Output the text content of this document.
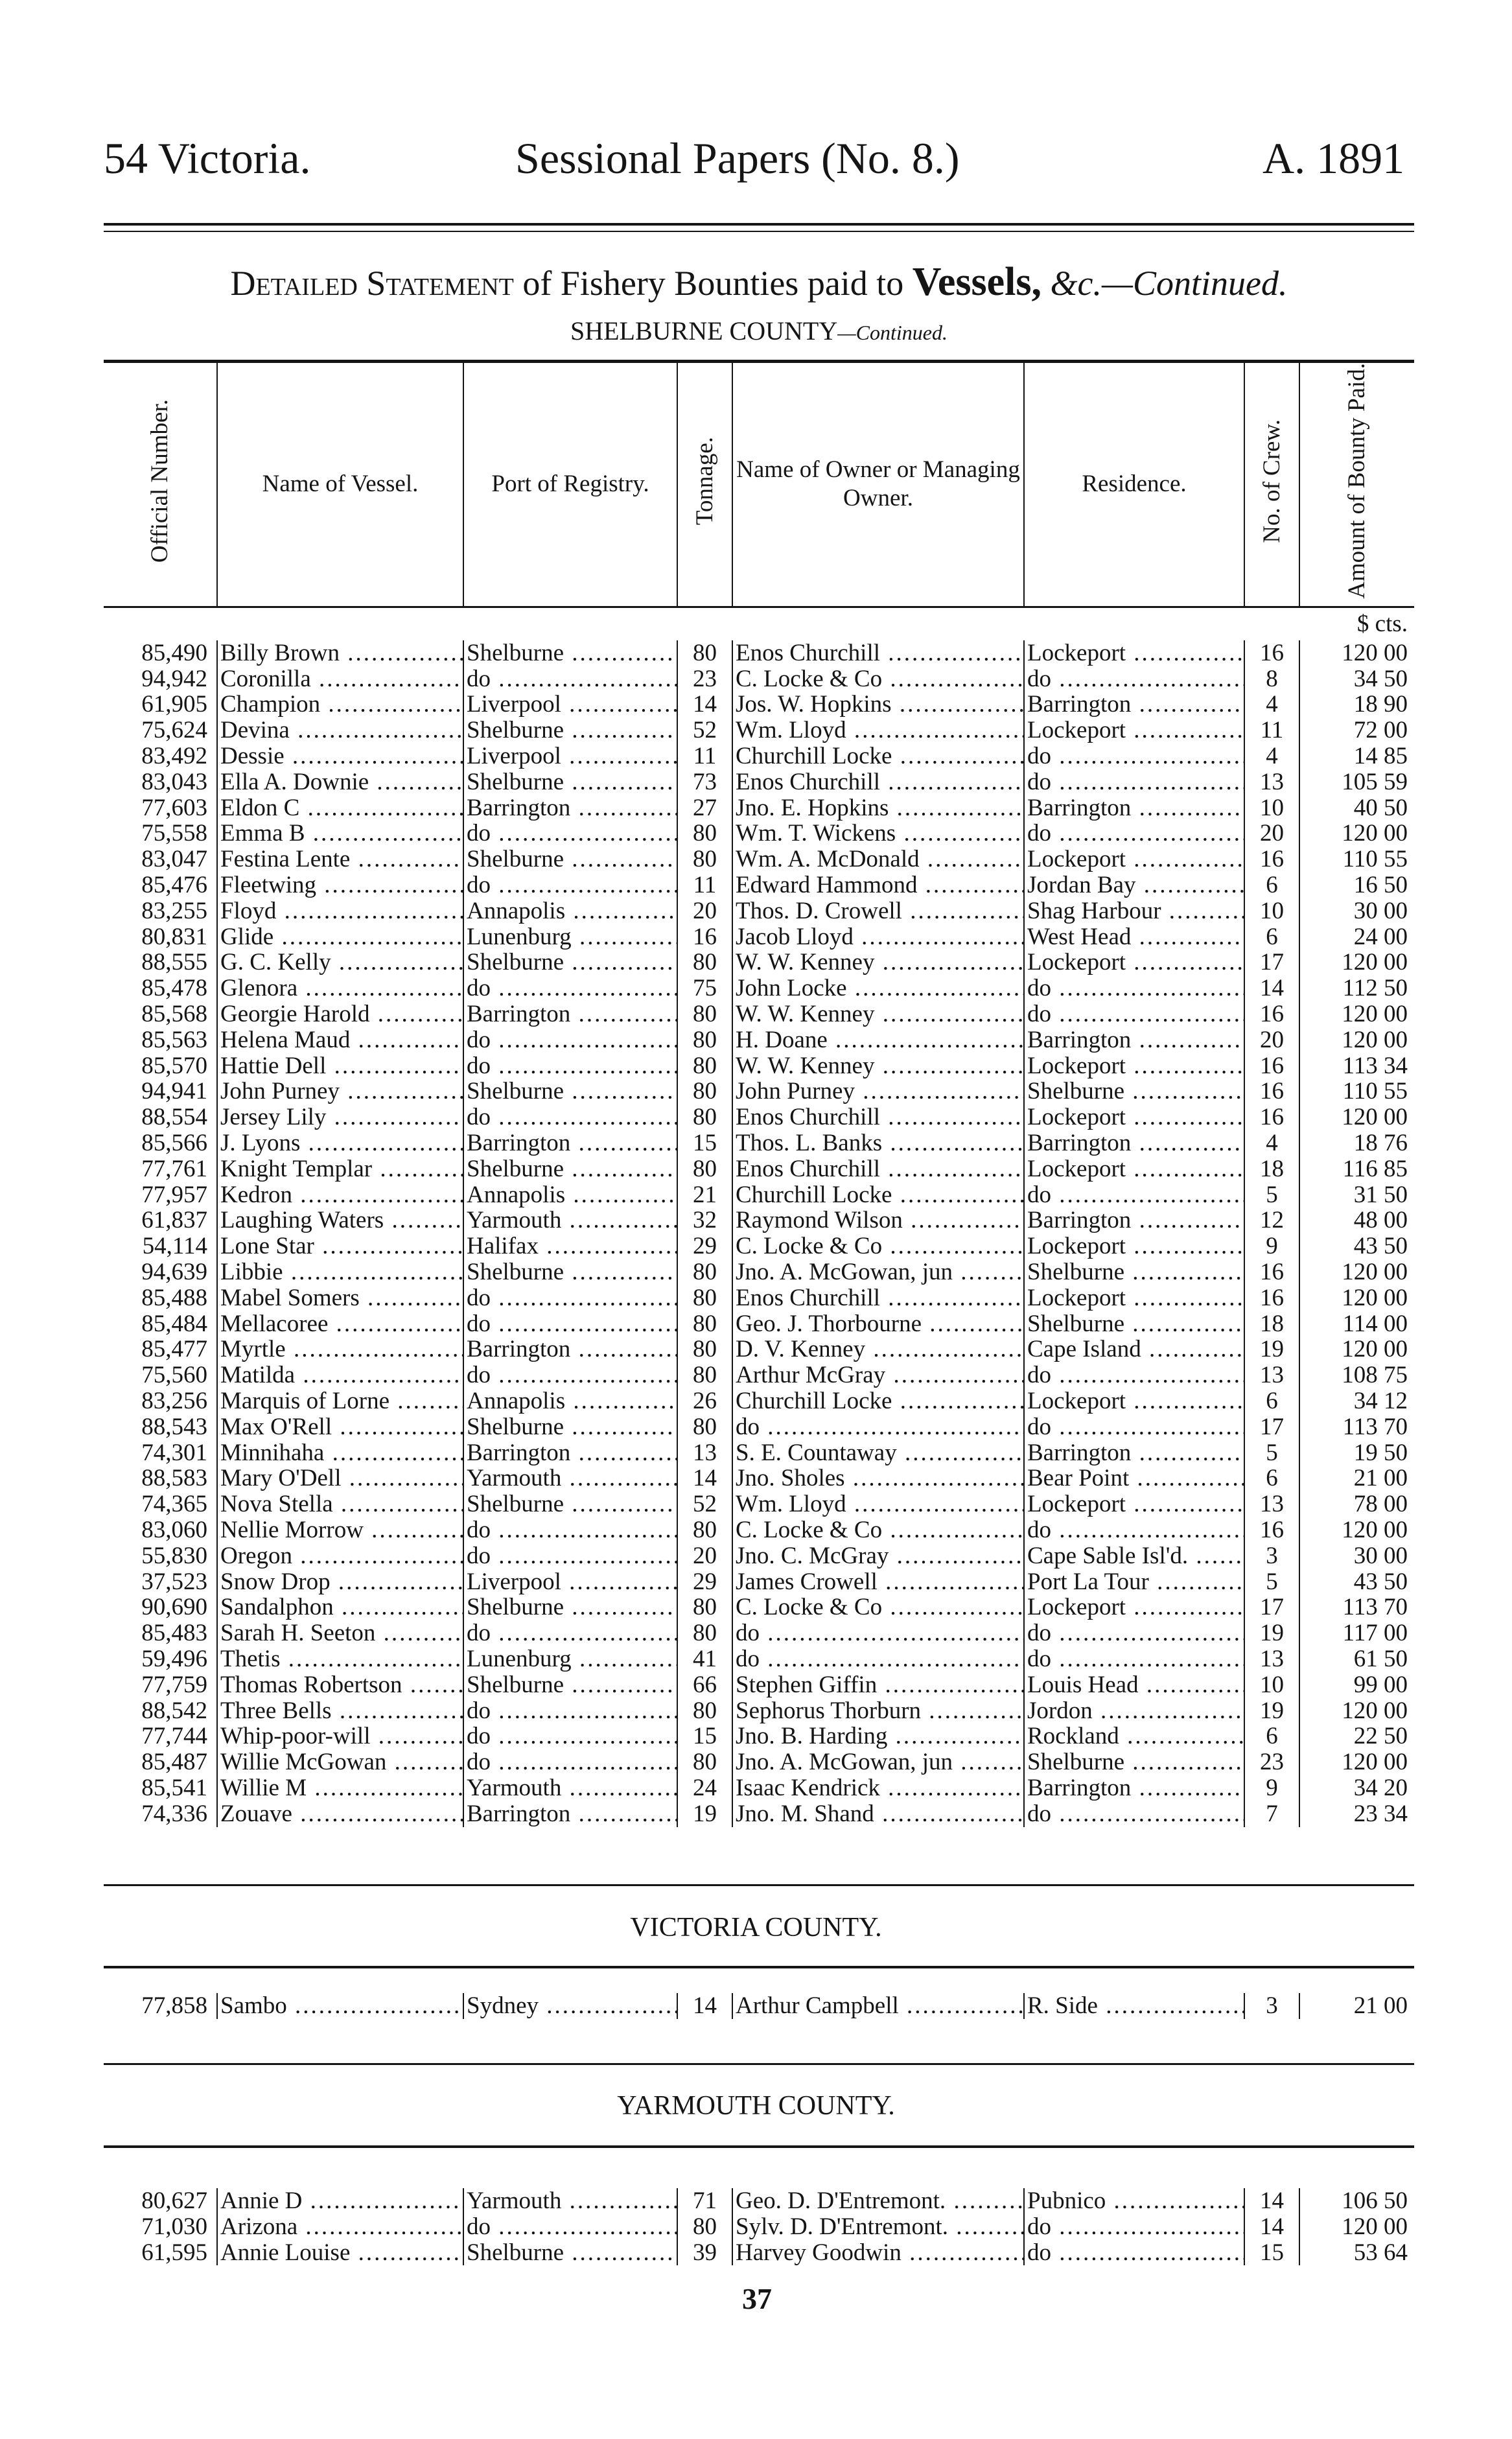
54 Victoria.	Sessional Papers (No. 8.)	A. 1891
Detailed Statement of Fishery Bounties paid to Vessels, &c.—Continued.
SHELBURNE COUNTY—Continued.
Official Number.	Name of Vessel.	Port of Registry.	Tonnage.	Name of Owner or Managing Owner.	Residence.	No. of Crew.	Amount of Bounty Paid.
$ cts.							
85,490	Billy Brown .....	Shelburne .....	80	Enos Churchill .....	Lockeport .....	16	120 00
94,942	Coronilla .....	do .....	23	C. Locke & Co .....	do .....	8	34 50
61,905	Champion .....	Liverpool .....	14	Jos. W. Hopkins .....	Barrington .....	4	18 90
75,624	Devina .....	Shelburne .....	52	Wm. Lloyd .....	Lockeport .....	11	72 00
83,492	Dessie .....	Liverpool .....	11	Churchill Locke .....	do .....	4	14 85
83,043	Ella A. Downie .....	Shelburne .....	73	Enos Churchill .....	do .....	13	105 59
77,603	Eldon C .....	Barrington .....	27	Jno. E. Hopkins .....	Barrington .....	10	40 50
75,558	Emma B .....	do .....	80	Wm. T. Wickens .....	do .....	20	120 00
83,047	Festina Lente .....	Shelburne .....	80	Wm. A. McDonald .....	Lockeport .....	16	110 55
85,476	Fleetwing .....	do .....	11	Edward Hammond .....	Jordan Bay .....	6	16 50
83,255	Floyd .....	Annapolis .....	20	Thos. D. Crowell .....	Shag Harbour .....	10	30 00
80,831	Glide .....	Lunenburg .....	16	Jacob Lloyd .....	West Head .....	6	24 00
88,555	G. C. Kelly .....	Shelburne .....	80	W. W. Kenney .....	Lockeport .....	17	120 00
85,478	Glenora .....	do .....	75	John Locke .....	do .....	14	112 50
85,568	Georgie Harold .....	Barrington .....	80	W. W. Kenney .....	do .....	16	120 00
85,563	Helena Maud .....	do .....	80	H. Doane .....	Barrington .....	20	120 00
85,570	Hattie Dell .....	do .....	80	W. W. Kenney .....	Lockeport .....	16	113 34
94,941	John Purney .....	Shelburne .....	80	John Purney .....	Shelburne .....	16	110 55
88,554	Jersey Lily .....	do .....	80	Enos Churchill .....	Lockeport .....	16	120 00
85,566	J. Lyons .....	Barrington .....	15	Thos. L. Banks .....	Barrington .....	4	18 76
77,761	Knight Templar .....	Shelburne .....	80	Enos Churchill .....	Lockeport .....	18	116 85
77,957	Kedron .....	Annapolis .....	21	Churchill Locke .....	do .....	5	31 50
61,837	Laughing Waters .....	Yarmouth .....	32	Raymond Wilson .....	Barrington .....	12	48 00
54,114	Lone Star .....	Halifax .....	29	C. Locke & Co .....	Lockeport .....	9	43 50
94,639	Libbie .....	Shelburne .....	80	Jno. A. McGowan, jun .....	Shelburne .....	16	120 00
85,488	Mabel Somers .....	do .....	80	Enos Churchill .....	Lockeport .....	16	120 00
85,484	Mellacoree .....	do .....	80	Geo. J. Thorbourne .....	Shelburne .....	18	114 00
85,477	Myrtle .....	Barrington .....	80	D. V. Kenney .....	Cape Island .....	19	120 00
75,560	Matilda .....	do .....	80	Arthur McGray .....	do .....	13	108 75
83,256	Marquis of Lorne .....	Annapolis .....	26	Churchill Locke .....	Lockeport .....	6	34 12
88,543	Max O'Rell .....	Shelburne .....	80	do .....	do .....	17	113 70
74,301	Minnihaha .....	Barrington .....	13	S. E. Countaway .....	Barrington .....	5	19 50
88,583	Mary O'Dell .....	Yarmouth .....	14	Jno. Sholes .....	Bear Point .....	6	21 00
74,365	Nova Stella .....	Shelburne .....	52	Wm. Lloyd .....	Lockeport .....	13	78 00
83,060	Nellie Morrow .....	do .....	80	C. Locke & Co .....	do .....	16	120 00
55,830	Oregon .....	do .....	20	Jno. C. McGray .....	Cape Sable Isl'd. .....	3	30 00
37,523	Snow Drop .....	Liverpool .....	29	James Crowell .....	Port La Tour .....	5	43 50
90,690	Sandalphon .....	Shelburne .....	80	C. Locke & Co .....	Lockeport .....	17	113 70
85,483	Sarah H. Seeton .....	do .....	80	do .....	do .....	19	117 00
59,496	Thetis .....	Lunenburg .....	41	do .....	do .....	13	61 50
77,759	Thomas Robertson .....	Shelburne .....	66	Stephen Giffin .....	Louis Head .....	10	99 00
88,542	Three Bells .....	do .....	80	Sephorus Thorburn .....	Jordon .....	19	120 00
77,744	Whip-poor-will .....	do .....	15	Jno. B. Harding .....	Rockland .....	6	22 50
85,487	Willie McGowan .....	do .....	80	Jno. A. McGowan, jun .....	Shelburne .....	23	120 00
85,541	Willie M .....	Yarmouth .....	24	Isaac Kendrick .....	Barrington .....	9	34 20
74,336	Zouave .....	Barrington .....	19	Jno. M. Shand .....	do .....	7	23 34
VICTORIA COUNTY.
77,858	Sambo .....	Sydney .....	14	Arthur Campbell .....	R. Side .....	3	21 00
YARMOUTH COUNTY.
80,627	Annie D .....	Yarmouth .....	71	Geo. D. D'Entremont. .....	Pubnico .....	14	106 50
71,030	Arizona .....	do .....	80	Sylv. D. D'Entremont. .....	do .....	14	120 00
61,595	Annie Louise .....	Shelburne .....	39	Harvey Goodwin .....	do .....	15	53 64
37
